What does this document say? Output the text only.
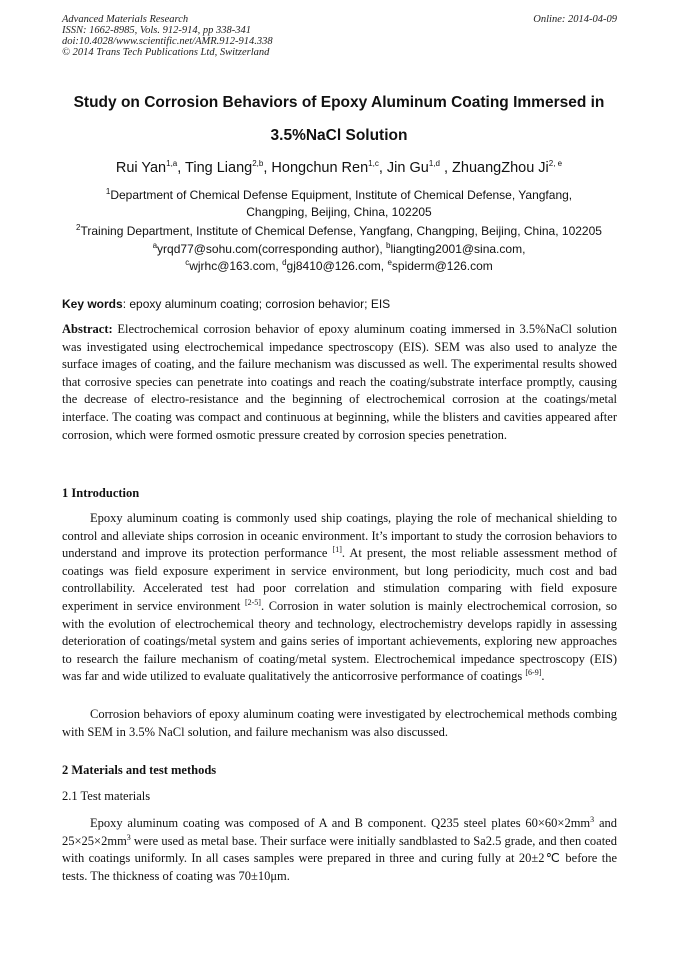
Advanced Materials Research
ISSN: 1662-8985, Vols. 912-914, pp 338-341
doi:10.4028/www.scientific.net/AMR.912-914.338
© 2014 Trans Tech Publications Ltd, Switzerland
Online: 2014-04-09
Study on Corrosion Behaviors of Epoxy Aluminum Coating Immersed in
3.5%NaCl Solution
Rui Yan$^{1,a}$, Ting Liang$^{2,b}$, Hongchun Ren$^{1,c}$, Jin Gu$^{1,d}$ , ZhuangZhou Ji$^{2, e}$
$^1$Department of Chemical Defense Equipment, Institute of Chemical Defense, Yangfang,
Changping, Beijing, China, 102205
$^2$Training Department, Institute of Chemical Defense, Yangfang, Changping, Beijing, China, 102205
$^a$yrqd77@sohu.com(corresponding author), $^b$liangting2001@sina.com,
$^c$wjrhc@163.com, $^d$gj8410@126.com, $^e$spiderm@126.com
Key words: epoxy aluminum coating; corrosion behavior; EIS
Abstract: Electrochemical corrosion behavior of epoxy aluminum coating immersed in 3.5%NaCl solution was investigated using electrochemical impedance spectroscopy (EIS). SEM was also used to analyze the surface images of coating, and the failure mechanism was discussed as well. The experimental results showed that corrosive species can penetrate into coatings and reach the coating/substrate interface promptly, causing the decrease of electro-resistance and the beginning of electrochemical corrosion at the coatings/metal interface. The coating was compact and continuous at beginning, while the blisters and cavities appeared after corrosion, which were formed osmotic pressure created by corrosion species penetration.
1 Introduction
Epoxy aluminum coating is commonly used ship coatings, playing the role of mechanical shielding to control and alleviate ships corrosion in oceanic environment. It’s important to study the corrosion behaviors to understand and improve its protection performance [1]. At present, the most reliable assessment method of coatings was field exposure experiment in service environment, but long periodicity, much cost and bad controllability. Accelerated test had poor correlation and stimulation comparing with field exposure experiment in service environment [2-5]. Corrosion in water solution is mainly electrochemical corrosion, so with the evolution of electrochemical theory and technology, electrochemistry develops rapidly in assessing deterioration of coatings/metal system and gains series of important achievements, exploring new approaches to research the failure mechanism of coating/metal system. Electrochemical impedance spectroscopy (EIS) was far and wide utilized to evaluate qualitatively the anticorrosive performance of coatings [6-9].
Corrosion behaviors of epoxy aluminum coating were investigated by electrochemical methods combing with SEM in 3.5% NaCl solution, and failure mechanism was also discussed.
2 Materials and test methods
2.1 Test materials
Epoxy aluminum coating was composed of A and B component. Q235 steel plates $60\times 60\times 2mm^3$ and $25\times 25\times 2mm^3$ were used as metal base. Their surface were initially sandblasted to Sa2.5 grade, and then coated with coatings uniformly. In all cases samples were prepared in three and curing fully at 20±2℃ before the tests. The thickness of coating was 70±10μm.
